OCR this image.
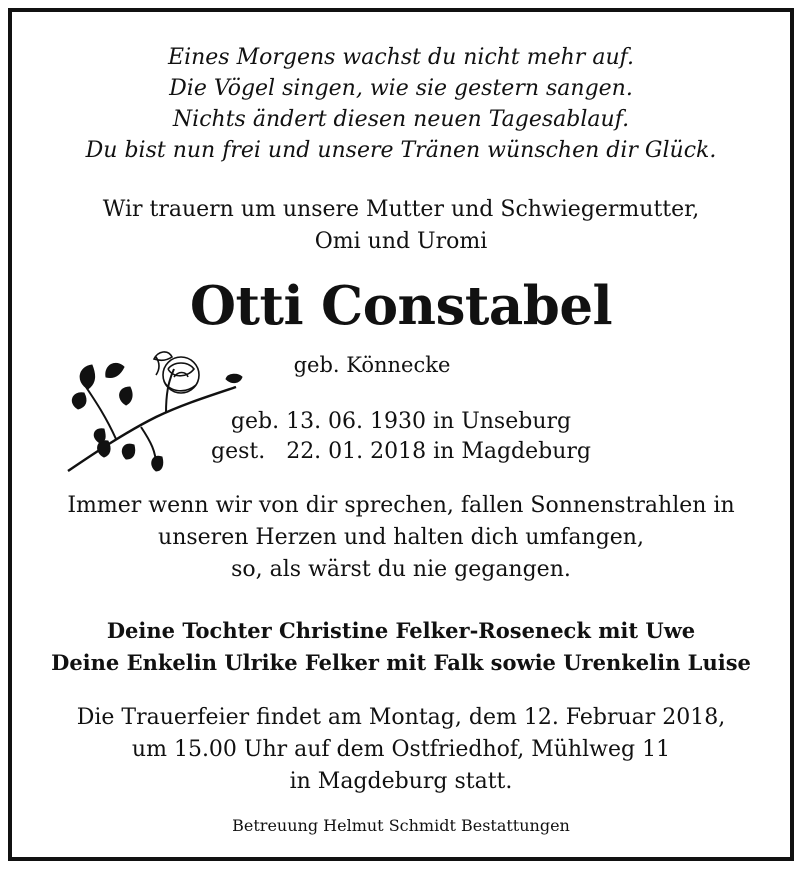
Eines Morgens wachst du nicht mehr auf.
Die Vögel singen, wie sie gestern sangen.
Nichts ändert diesen neuen Tagesablauf.
Du bist nun frei und unsere Tränen wünschen dir Glück.
Wir trauern um unsere Mutter und Schwiegermutter,
Omi und Uromi
Otti Constabel
geb. Könnecke
geb. 13. 06. 1930 in Unseburg
gest.   22. 01. 2018 in Magdeburg
Immer wenn wir von dir sprechen, fallen Sonnenstrahlen in
unseren Herzen und halten dich umfangen,
so, als wärst du nie gegangen.
Deine Tochter Christine Felker-Roseneck mit Uwe
Deine Enkelin Ulrike Felker mit Falk sowie Urenkelin Luise
Die Trauerfeier findet am Montag, dem 12. Februar 2018,
um 15.00 Uhr auf dem Ostfriedhof, Mühlweg 11
in Magdeburg statt.
Betreuung Helmut Schmidt Bestattungen
